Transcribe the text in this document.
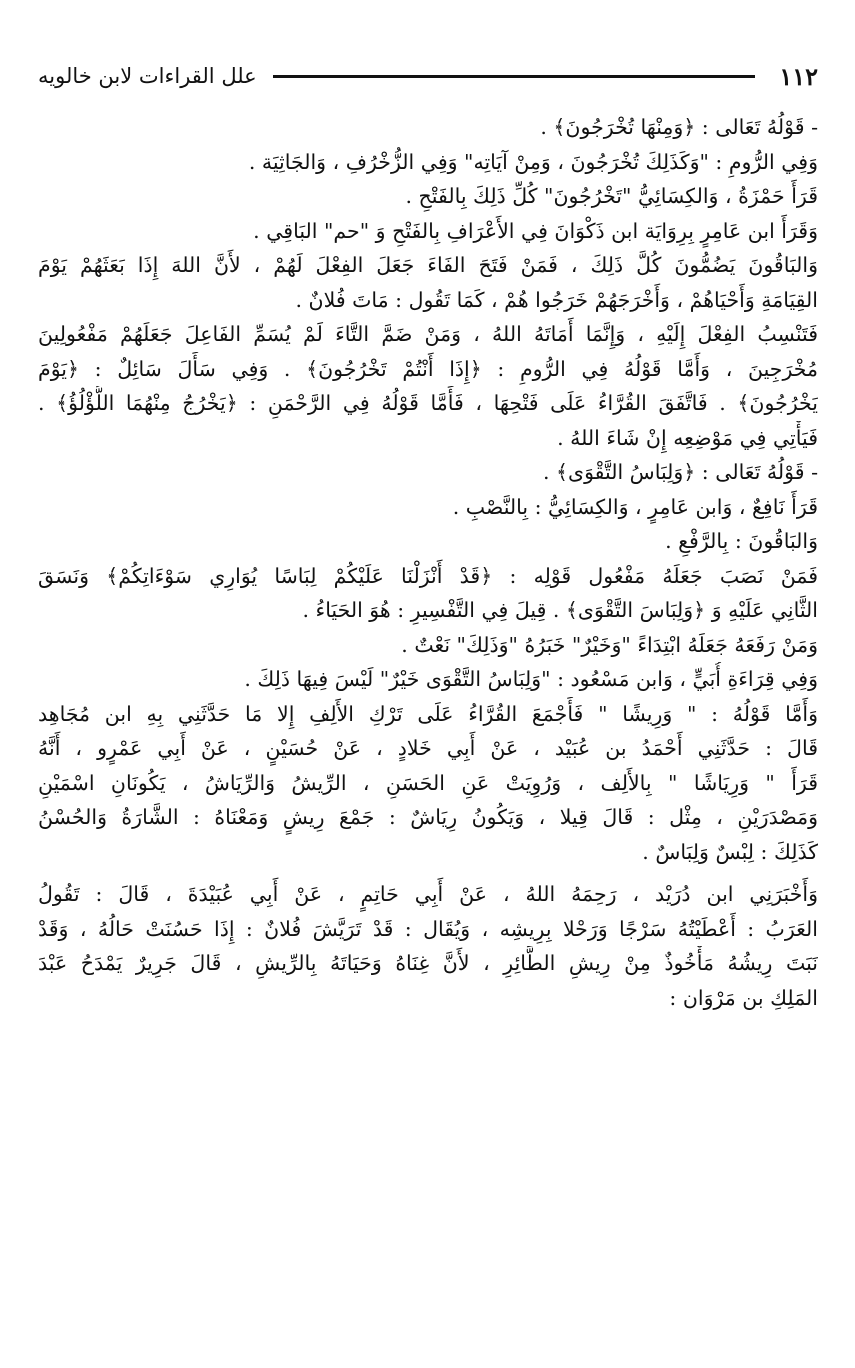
١١٢
علل القراءات لابن خالويه
- قَوْلُهُ تَعَالى : ﴿وَمِنْهَا تُخْرَجُونَ﴾ .
وَفِي الرُّومِ : "وَكَذَلِكَ تُخْرَجُونَ ، وَمِنْ آيَاتِه" وَفِي الزُّخْرُفِ ، وَالجَاثِيَة .
قَرَأَ حَمْزَةُ ، وَالكِسَائِيُّ "تَخْرُجُونَ" كُلِّ ذَلِكَ بِالفَتْحِ .
وَقَرَأَ ابن عَامِرٍ بِرِوَايَة ابن ذَكْوَانَ فِي الأَعْرَافِ بِالفَتْحِ وَ "حم" البَاقِي .
وَالبَاقُونَ يَضُمُّونَ كُلَّ ذَلِكَ ، فَمَنْ فَتَحَ الفَاءَ جَعَلَ الفِعْلَ لَهُمْ ، لأَنَّ اللهَ إِذَا بَعَثَهُمْ يَوْمَ
القِيَامَةِ وَأَحْيَاهُمْ ، وَأَخْرَجَهُمْ خَرَجُوا هُمْ ، كَمَا تَقُول : مَاتَ فُلانٌ .
فَتَنْسِبُ الفِعْلَ إِلَيْهِ ، وَإِنَّمَا أَمَاتَهُ اللهُ ، وَمَنْ ضَمَّ التَّاءَ لَمْ يُسَمِّ الفَاعِلَ جَعَلَهُمْ مَفْعُولِينَ
مُخْرَجِينَ ، وَأَمَّا قَوْلُهُ فِي الرُّومِ : ﴿إِذَا أَنْتُمْ تَخْرُجُونَ﴾ . وَفِي سَأَلَ سَائِلٌ : ﴿يَوْمَ
يَخْرُجُونَ﴾ . فَاتَّفَقَ القُرَّاءُ عَلَى فَتْحِهَا ، فَأَمَّا قَوْلُهُ فِي الرَّحْمَنِ : ﴿يَخْرُجُ مِنْهُمَا اللُّؤْلُؤُ﴾ .
فَيَأْتِي فِي مَوْضِعِه إِنْ شَاءَ اللهُ .
- قَوْلُهُ تَعَالى : ﴿وَلِبَاسُ التَّقْوَى﴾ .
قَرَأَ نَافِعٌ ، وَابن عَامِرٍ ، وَالكِسَائِيُّ : بِالنَّصْبِ .
وَالبَاقُونَ : بِالرَّفْعِ .
فَمَنْ نَصَبَ جَعَلَهُ مَفْعُول قَوْلِه : ﴿قَدْ أَنْزَلْنَا عَلَيْكُمْ لِبَاسًا يُوَارِي سَوْءَاتِكُمْ﴾ وَنَسَقَ
الثَّانِي عَلَيْهِ وَ ﴿وَلِبَاسَ التَّقْوَى﴾ . قِيلَ فِي التَّفْسِيرِ : هُوَ الحَيَاءُ .
وَمَنْ رَفَعَهُ جَعَلَهُ ابْتِدَاءً "وَخَيْرٌ" خَبَرُهُ "وَذَلِكَ" نَعْتٌ .
وَفِي قِرَاءَةِ أُبَيٍّ ، وَابن مَسْعُود : "وَلِبَاسُ التَّقْوَى خَيْرٌ" لَيْسَ فِيهَا ذَلِكَ .
وَأَمَّا قَوْلُهُ : " وَرِيشًا " فَأَجْمَعَ القُرَّاءُ عَلَى تَرْكِ الأَلِفِ إِلا مَا حَدَّثَنِي بِهِ ابن مُجَاهِد
قَالَ : حَدَّثَنِي أَحْمَدُ بن عُبَيْد ، عَنْ أَبِي خَلادٍ ، عَنْ حُسَيْنٍ ، عَنْ أَبِي عَمْرٍو ، أَنَّهُ
قَرَأَ " وَرِيَاشًا " بِالأَلِف ، وَرُوِيَتْ عَنِ الحَسَنِ ، الرِّيشُ وَالرِّيَاشُ ، يَكُونَانِ اسْمَيْنِ
وَمَصْدَرَيْنِ ، مِثْل : قَالَ قِيلا ، وَيَكُونُ رِيَاشٌ : جَمْعَ رِيشٍ وَمَعْنَاهُ : الشَّارَةُ وَالحُسْنُ
كَذَلِكَ : لِبْسٌ وَلِبَاسٌ .
وَأَخْبَرَنِي ابن دُرَيْد ، رَحِمَهُ اللهُ ، عَنْ أَبِي حَاتِمٍ ، عَنْ أَبِي عُبَيْدَةَ ، قَالَ : تَقُولُ
العَرَبُ : أَعْطَيْتُهُ سَرْجًا وَرَحْلا بِرِيشِه ، وَيُقَال : قَدْ تَرَيَّشَ فُلانٌ : إِذَا حَسُنَتْ حَالُهُ ، وَقَدْ
نَبَتَ رِيشُهُ مَأْخُوذٌ مِنْ رِيشِ الطَّائِرِ ، لأَنَّ غِنَاهُ وَحَيَاتَهُ بِالرِّيشِ ، قَالَ جَرِيرٌ يَمْدَحُ عَبْدَ
المَلِكِ بن مَرْوَان :
